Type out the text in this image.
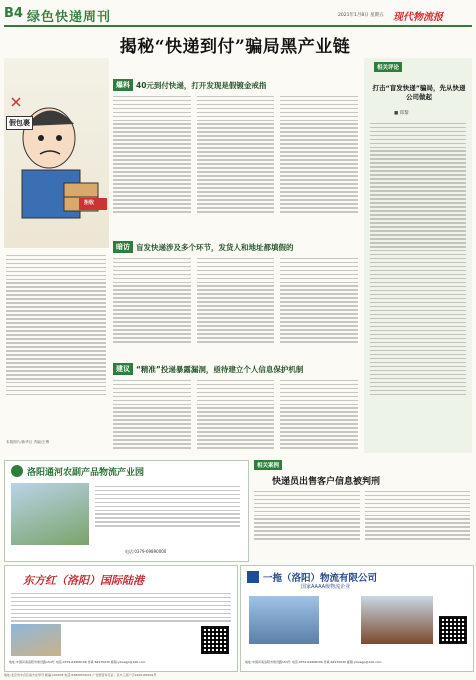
B4 绿色快递周刊	2021年1月8日 星期五 现代物流报
揭秘“快递到付”骗局黑产业链
假包裹
拒收
本版图片/新华社 责编/王博
爆料 40元到付快递，打开发现是假镀金戒指
暗访 盲发快递涉及多个环节，发货人和地址都填假的
建议 “精准”投递暴露漏洞，亟待建立个人信息保护机制
相关评论
打击“盲发快递”骗局，先从快递公司做起
■ 郑黎
洛阳通河农副产品物流产业园
电话:0379-69890000
相关案例
快递员出售客户信息被判刑
东方红（洛阳）国际陆港
地址:中国河南洛阳市建设路154号 电话:0379-64968106 传真:64970030 邮箱:yzwegp@126.com
一拖（洛阳）物流有限公司
国家AAAA级物流企业
地址:中国河南洛阳市建设路154号 电话:0379-64968106 传真:64970030 邮箱:yzwegp@126.com
地址:北京市丰台区南方庄甲号 邮编:100078 电话:63820500/01 广告经营许可证：京丰工商广字1920180001号
